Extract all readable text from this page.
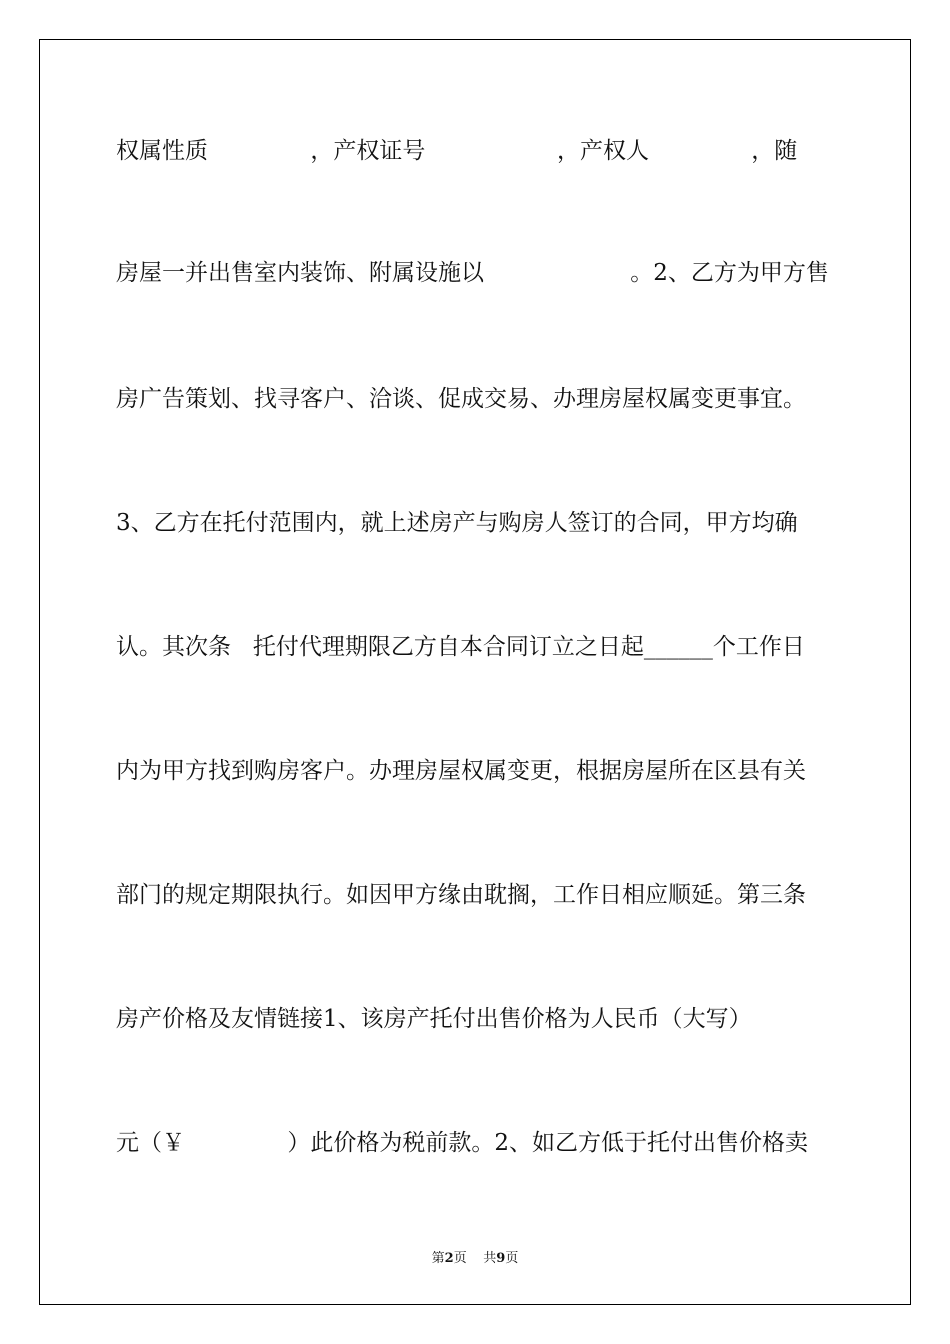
权属性质              ，产权证号                  ，产权人              ，随
房屋一并出售室内装饰、附属设施以                    。2、乙方为甲方售
房广告策划、找寻客户、洽谈、促成交易、办理房屋权属变更事宜。
3、乙方在托付范围内，就上述房产与购房人签订的合同，甲方均确
认。其次条   托付代理期限乙方自本合同订立之日起______个工作日
内为甲方找到购房客户。办理房屋权属变更，根据房屋所在区县有关
部门的规定期限执行。如因甲方缘由耽搁，工作日相应顺延。第三条
房产价格及友情链接1、该房产托付出售价格为人民币（大写）
元（￥              ）此价格为税前款。2、如乙方低于托付出售价格卖
第2页 共9页
